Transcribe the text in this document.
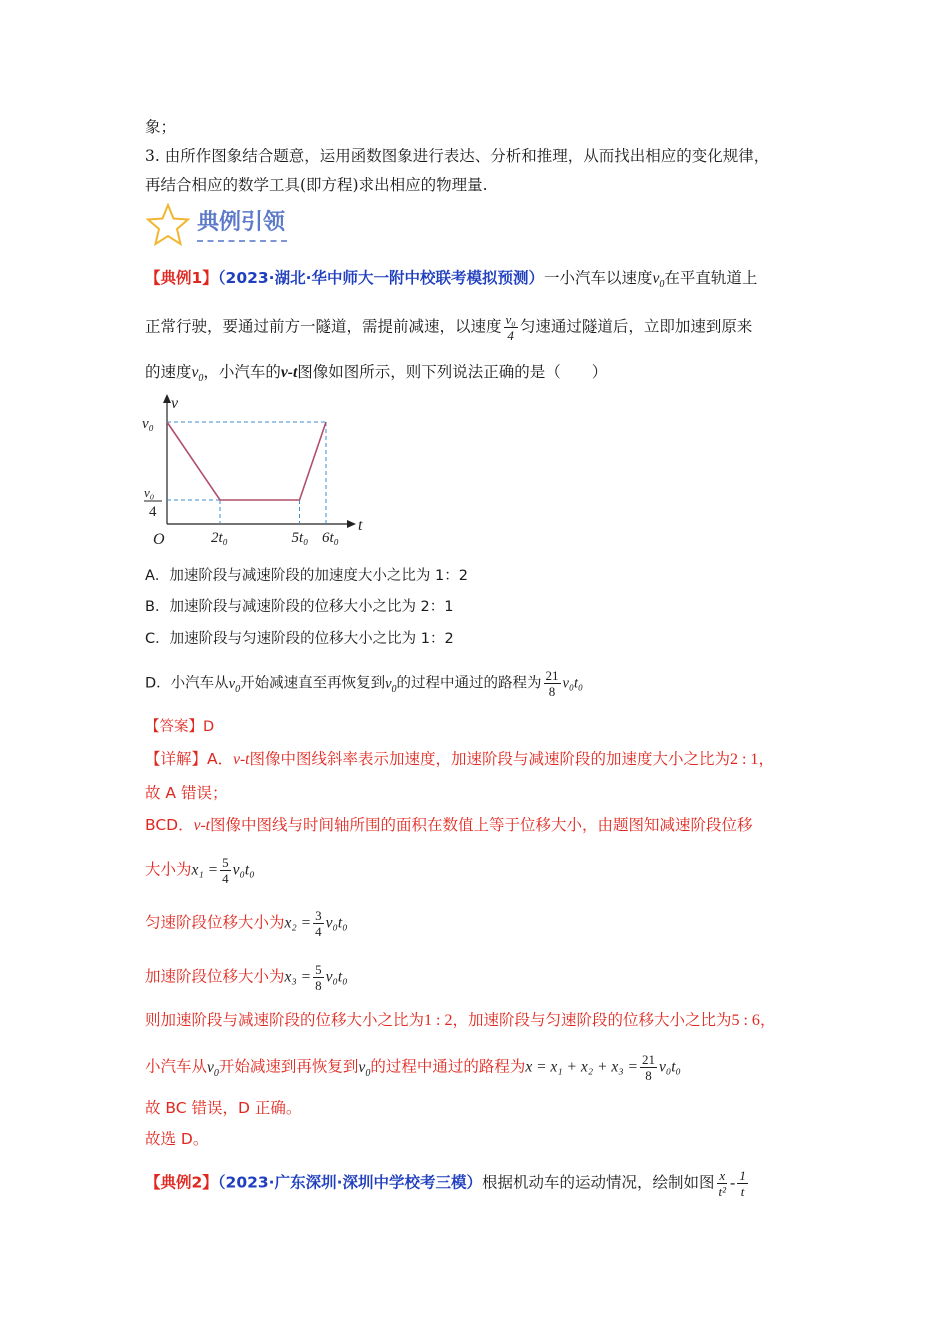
象；
3. 由所作图象结合题意，运用函数图象进行表达、分析和推理，从而找出相应的变化规律，
再结合相应的数学工具(即方程)求出相应的物理量.
典例引领
【典例1】（2023·湖北·华中师大一附中校联考模拟预测）一小汽车以速度$v_0$在平直轨道上
正常行驶，要通过前方一隧道，需提前减速，以速度 $\frac{\text{v₀}}{4}$ 匀速通过隧道后，立即加速到原来
的速度$v_0$，小汽车的v-t图像如图所示，则下列说法正确的是（　　）
v
t
O
v₀
v₀
4
2t₀	5t₀ 6t₀
A．加速阶段与减速阶段的加速度大小之比为 1：2
B．加速阶段与减速阶段的位移大小之比为 2：1
C．加速阶段与匀速阶段的位移大小之比为 1：2
D．小汽车从$v_0$开始减速直至再恢复到$v_0$的过程中通过的路程为 $\frac{21}{8} v_0t_0$
【答案】D
【详解】A．v-t图像中图线斜率表示加速度，加速阶段与减速阶段的加速度大小之比为2 : 1，
故 A 错误；
BCD．v-t图像中图线与时间轴所围的面积在数值上等于位移大小，由题图知减速阶段位移
大小为$x_1 = \frac{5}{4} v_0t_0$
匀速阶段位移大小为$x_2 = \frac{3}{4} v_0t_0$
加速阶段位移大小为$x_3 = \frac{5}{8} v_0t_0$
则加速阶段与减速阶段的位移大小之比为1 : 2，加速阶段与匀速阶段的位移大小之比为5 : 6，
小汽车从$v_0$开始减速到再恢复到$v_0$的过程中通过的路程为$x = x_1 + x_2 + x_3 = \frac{21}{8} v_0t_0$
故 BC 错误，D 正确。
故选 D。
【典例2】（2023·广东深圳·深圳中学校考三模）根据机动车的运动情况，绘制如图 $\frac{x}{\text{t²}} - \frac{1}{t}$
